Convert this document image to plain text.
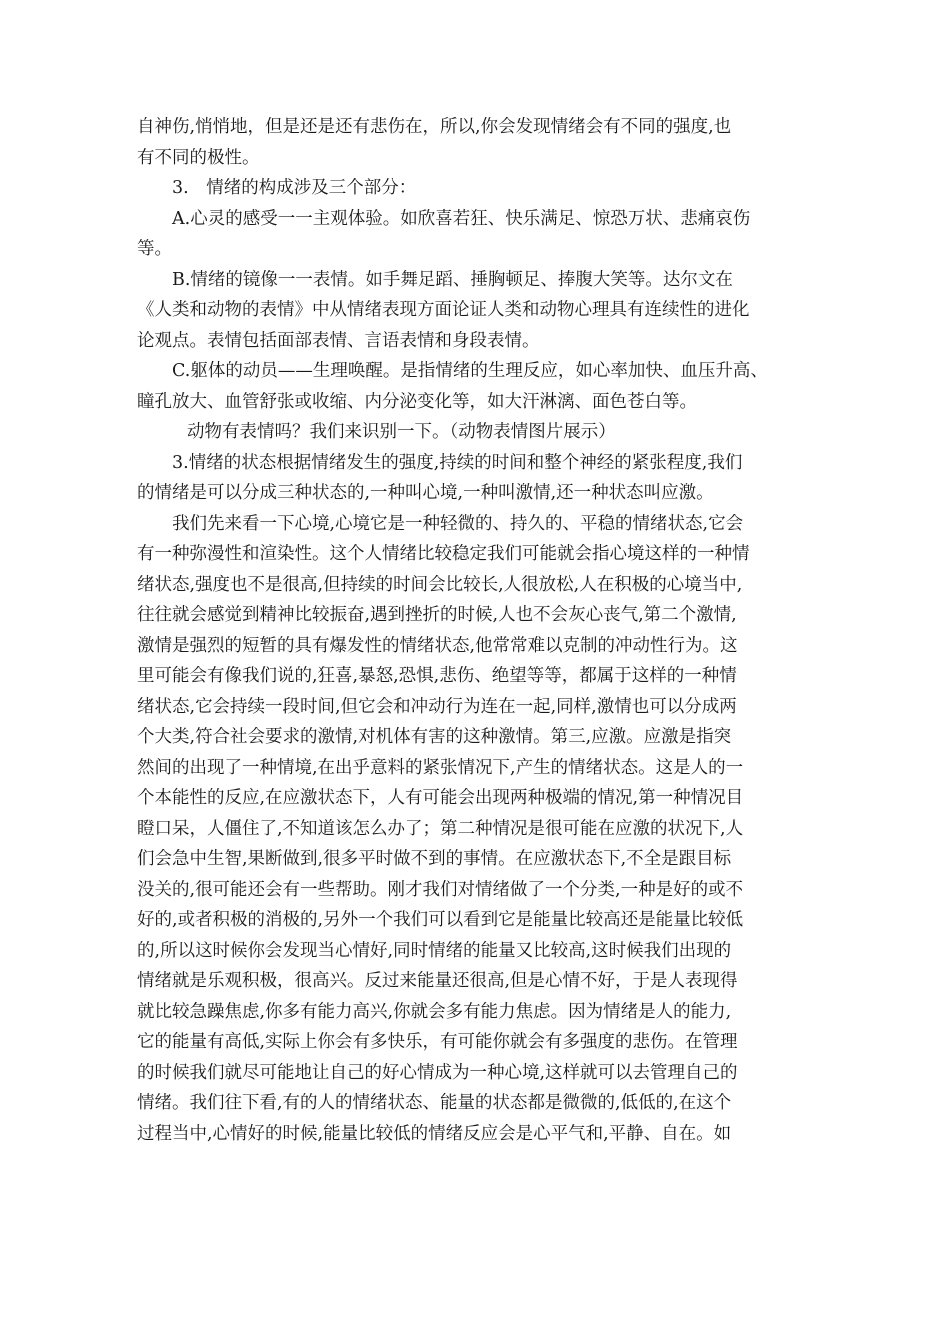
自神伤,悄悄地，但是还是还有悲伤在，所以,你会发现情绪会有不同的强度,也
有不同的极性。
3.　情绪的构成涉及三个部分：
A.心灵的感受一一主观体验。如欣喜若狂、快乐满足、惊恐万状、悲痛哀伤
等。
B.情绪的镜像一一表情。如手舞足蹈、捶胸顿足、捧腹大笑等。达尔文在
《人类和动物的表情》中从情绪表现方面论证人类和动物心理具有连续性的进化
论观点。表情包括面部表情、言语表情和身段表情。
C.躯体的动员——生理唤醒。是指情绪的生理反应，如心率加快、血压升高、
瞳孔放大、血管舒张或收缩、内分泌变化等，如大汗淋漓、面色苍白等。
动物有表情吗？我们来识别一下。（动物表情图片展示）
3.情绪的状态根据情绪发生的强度,持续的时间和整个神经的紧张程度,我们
的情绪是可以分成三种状态的,一种叫心境,一种叫激情,还一种状态叫应激。
我们先来看一下心境,心境它是一种轻微的、持久的、平稳的情绪状态,它会
有一种弥漫性和渲染性。这个人情绪比较稳定我们可能就会指心境这样的一种情
绪状态,强度也不是很高,但持续的时间会比较长,人很放松,人在积极的心境当中,
往往就会感觉到精神比较振奋,遇到挫折的时候,人也不会灰心丧气,第二个激情,
激情是强烈的短暂的具有爆发性的情绪状态,他常常难以克制的冲动性行为。这
里可能会有像我们说的,狂喜,暴怒,恐惧,悲伤、绝望等等，都属于这样的一种情
绪状态,它会持续一段时间,但它会和冲动行为连在一起,同样,激情也可以分成两
个大类,符合社会要求的激情,对机体有害的这种激情。第三,应激。应激是指突
然间的出现了一种情境,在出乎意料的紧张情况下,产生的情绪状态。这是人的一
个本能性的反应,在应激状态下，人有可能会出现两种极端的情况,第一种情况目
瞪口呆，人僵住了,不知道该怎么办了；第二种情况是很可能在应激的状况下,人
们会急中生智,果断做到,很多平时做不到的事情。在应激状态下,不全是跟目标
没关的,很可能还会有一些帮助。刚才我们对情绪做了一个分类,一种是好的或不
好的,或者积极的消极的,另外一个我们可以看到它是能量比较高还是能量比较低
的,所以这时候你会发现当心情好,同时情绪的能量又比较高,这时候我们出现的
情绪就是乐观积极，很高兴。反过来能量还很高,但是心情不好，于是人表现得
就比较急躁焦虑,你多有能力高兴,你就会多有能力焦虑。因为情绪是人的能力,
它的能量有高低,实际上你会有多快乐，有可能你就会有多强度的悲伤。在管理
的时候我们就尽可能地让自己的好心情成为一种心境,这样就可以去管理自己的
情绪。我们往下看,有的人的情绪状态、能量的状态都是微微的,低低的,在这个
过程当中,心情好的时候,能量比较低的情绪反应会是心平气和,平静、自在。如
